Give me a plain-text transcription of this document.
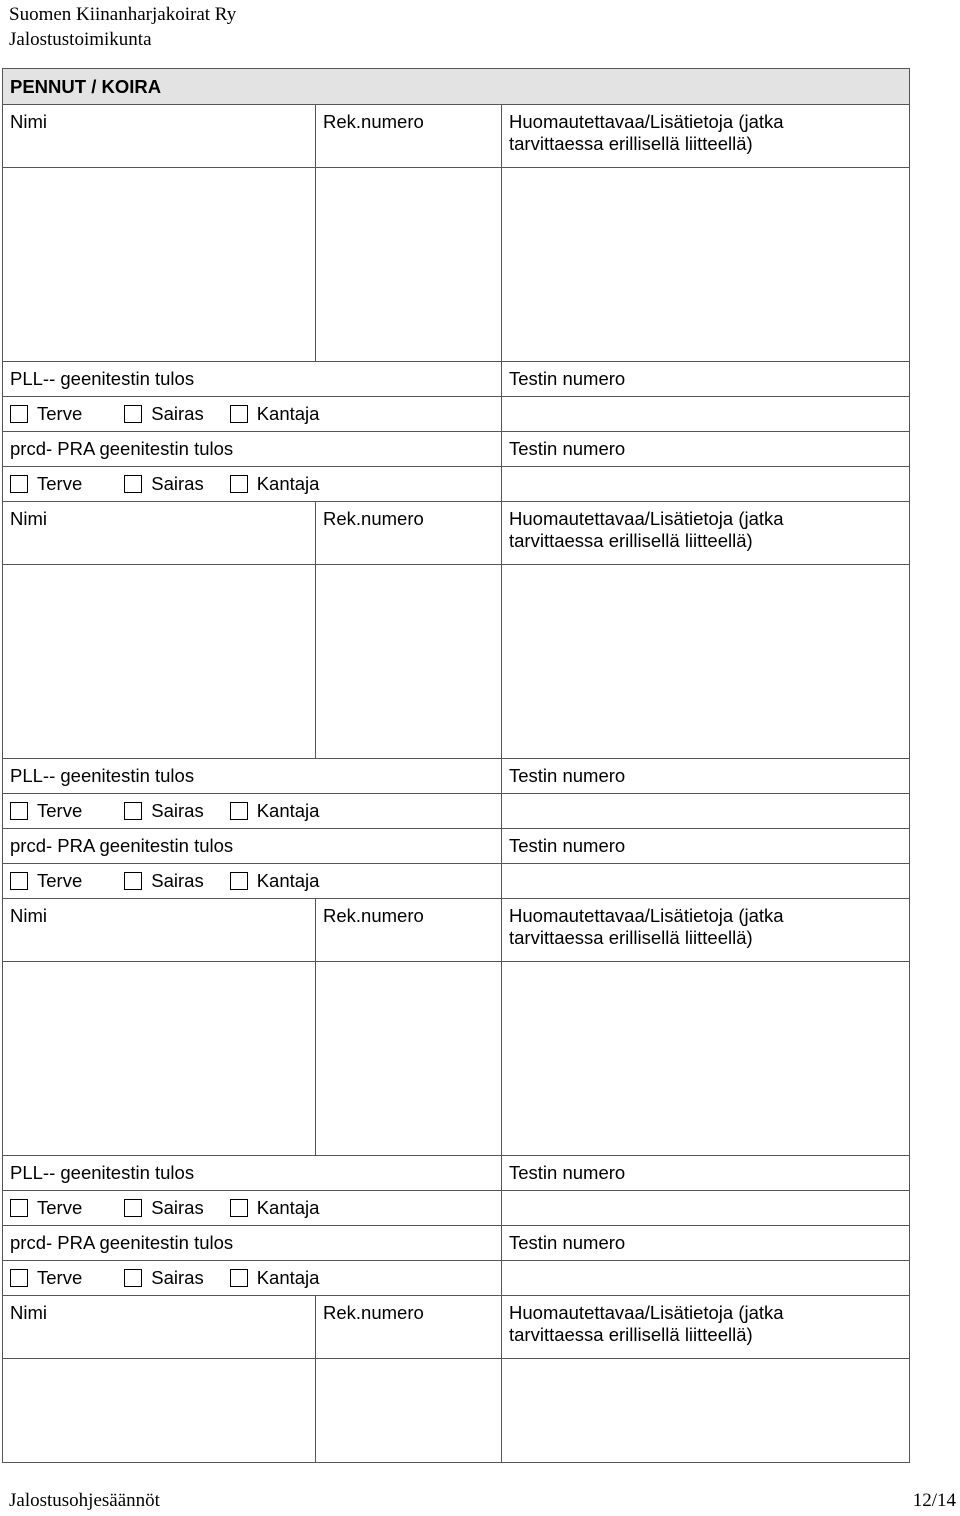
Suomen Kiinanharjakoirat Ry
Jalostustoimikunta
PENNUT / KOIRA		
Nimi	Rek.numero	Huomautettavaa/Lisätietoja (jatka
tarvittaessa erillisellä liitteellä)

PLL-- geenitestin tulos		Testin numero

Terve Sairas Kantaja		

prcd- PRA geenitestin tulos		Testin numero

Terve Sairas Kantaja		

Nimi	Rek.numero	Huomautettavaa/Lisätietoja (jatka
tarvittaessa erillisellä liitteellä)

PLL-- geenitestin tulos		Testin numero

Terve Sairas Kantaja		

prcd- PRA geenitestin tulos		Testin numero

Terve Sairas Kantaja		

Nimi	Rek.numero	Huomautettavaa/Lisätietoja (jatka
tarvittaessa erillisellä liitteellä)

PLL-- geenitestin tulos		Testin numero

Terve Sairas Kantaja		

prcd- PRA geenitestin tulos		Testin numero

Terve Sairas Kantaja		

Nimi	Rek.numero	Huomautettavaa/Lisätietoja (jatka
tarvittaessa erillisellä liitteellä)

Jalostusohjesäännöt	12/14
